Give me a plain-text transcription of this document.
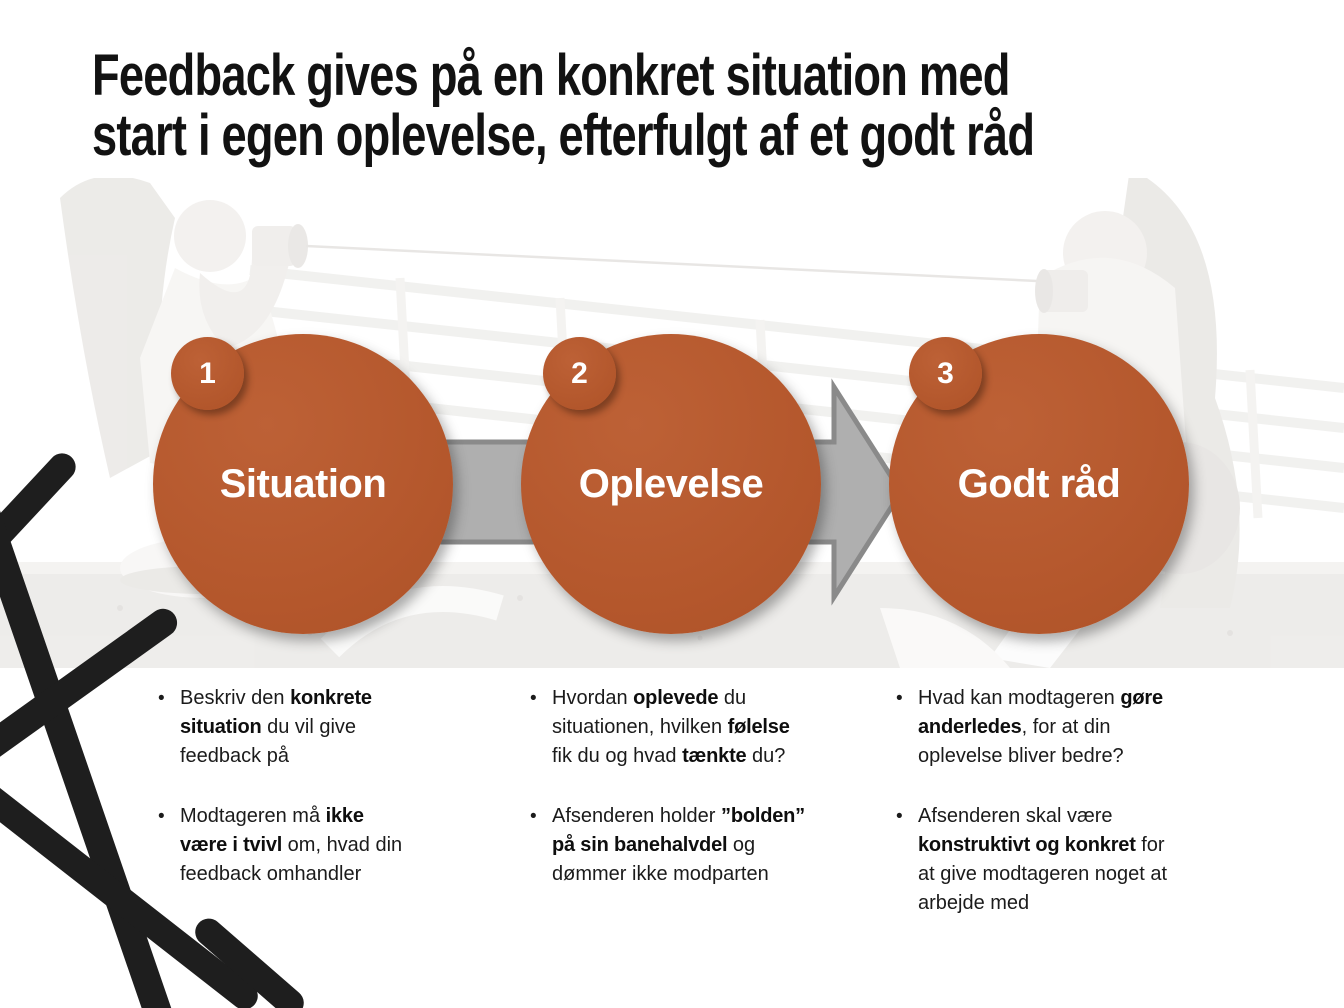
Feedback gives på en konkret situation med
start i egen oplevelse, efterfulgt af et godt råd
Situation	Oplevelse	Godt råd
1	2	3
• Beskriv den konkrete situation du vil give feedback på

• Modtageren må ikke være i tvivl om, hvad din feedback omhandler

• Hvordan oplevede du situationen, hvilken følelse fik du og hvad tænkte du?

• Afsenderen holder ”bolden” på sin banehalvdel og dømmer ikke modparten

• Hvad kan modtageren gøre anderledes, for at din oplevelse bliver bedre?

• Afsenderen skal være konstruktivt og konkret for at give modtageren noget at arbejde med
